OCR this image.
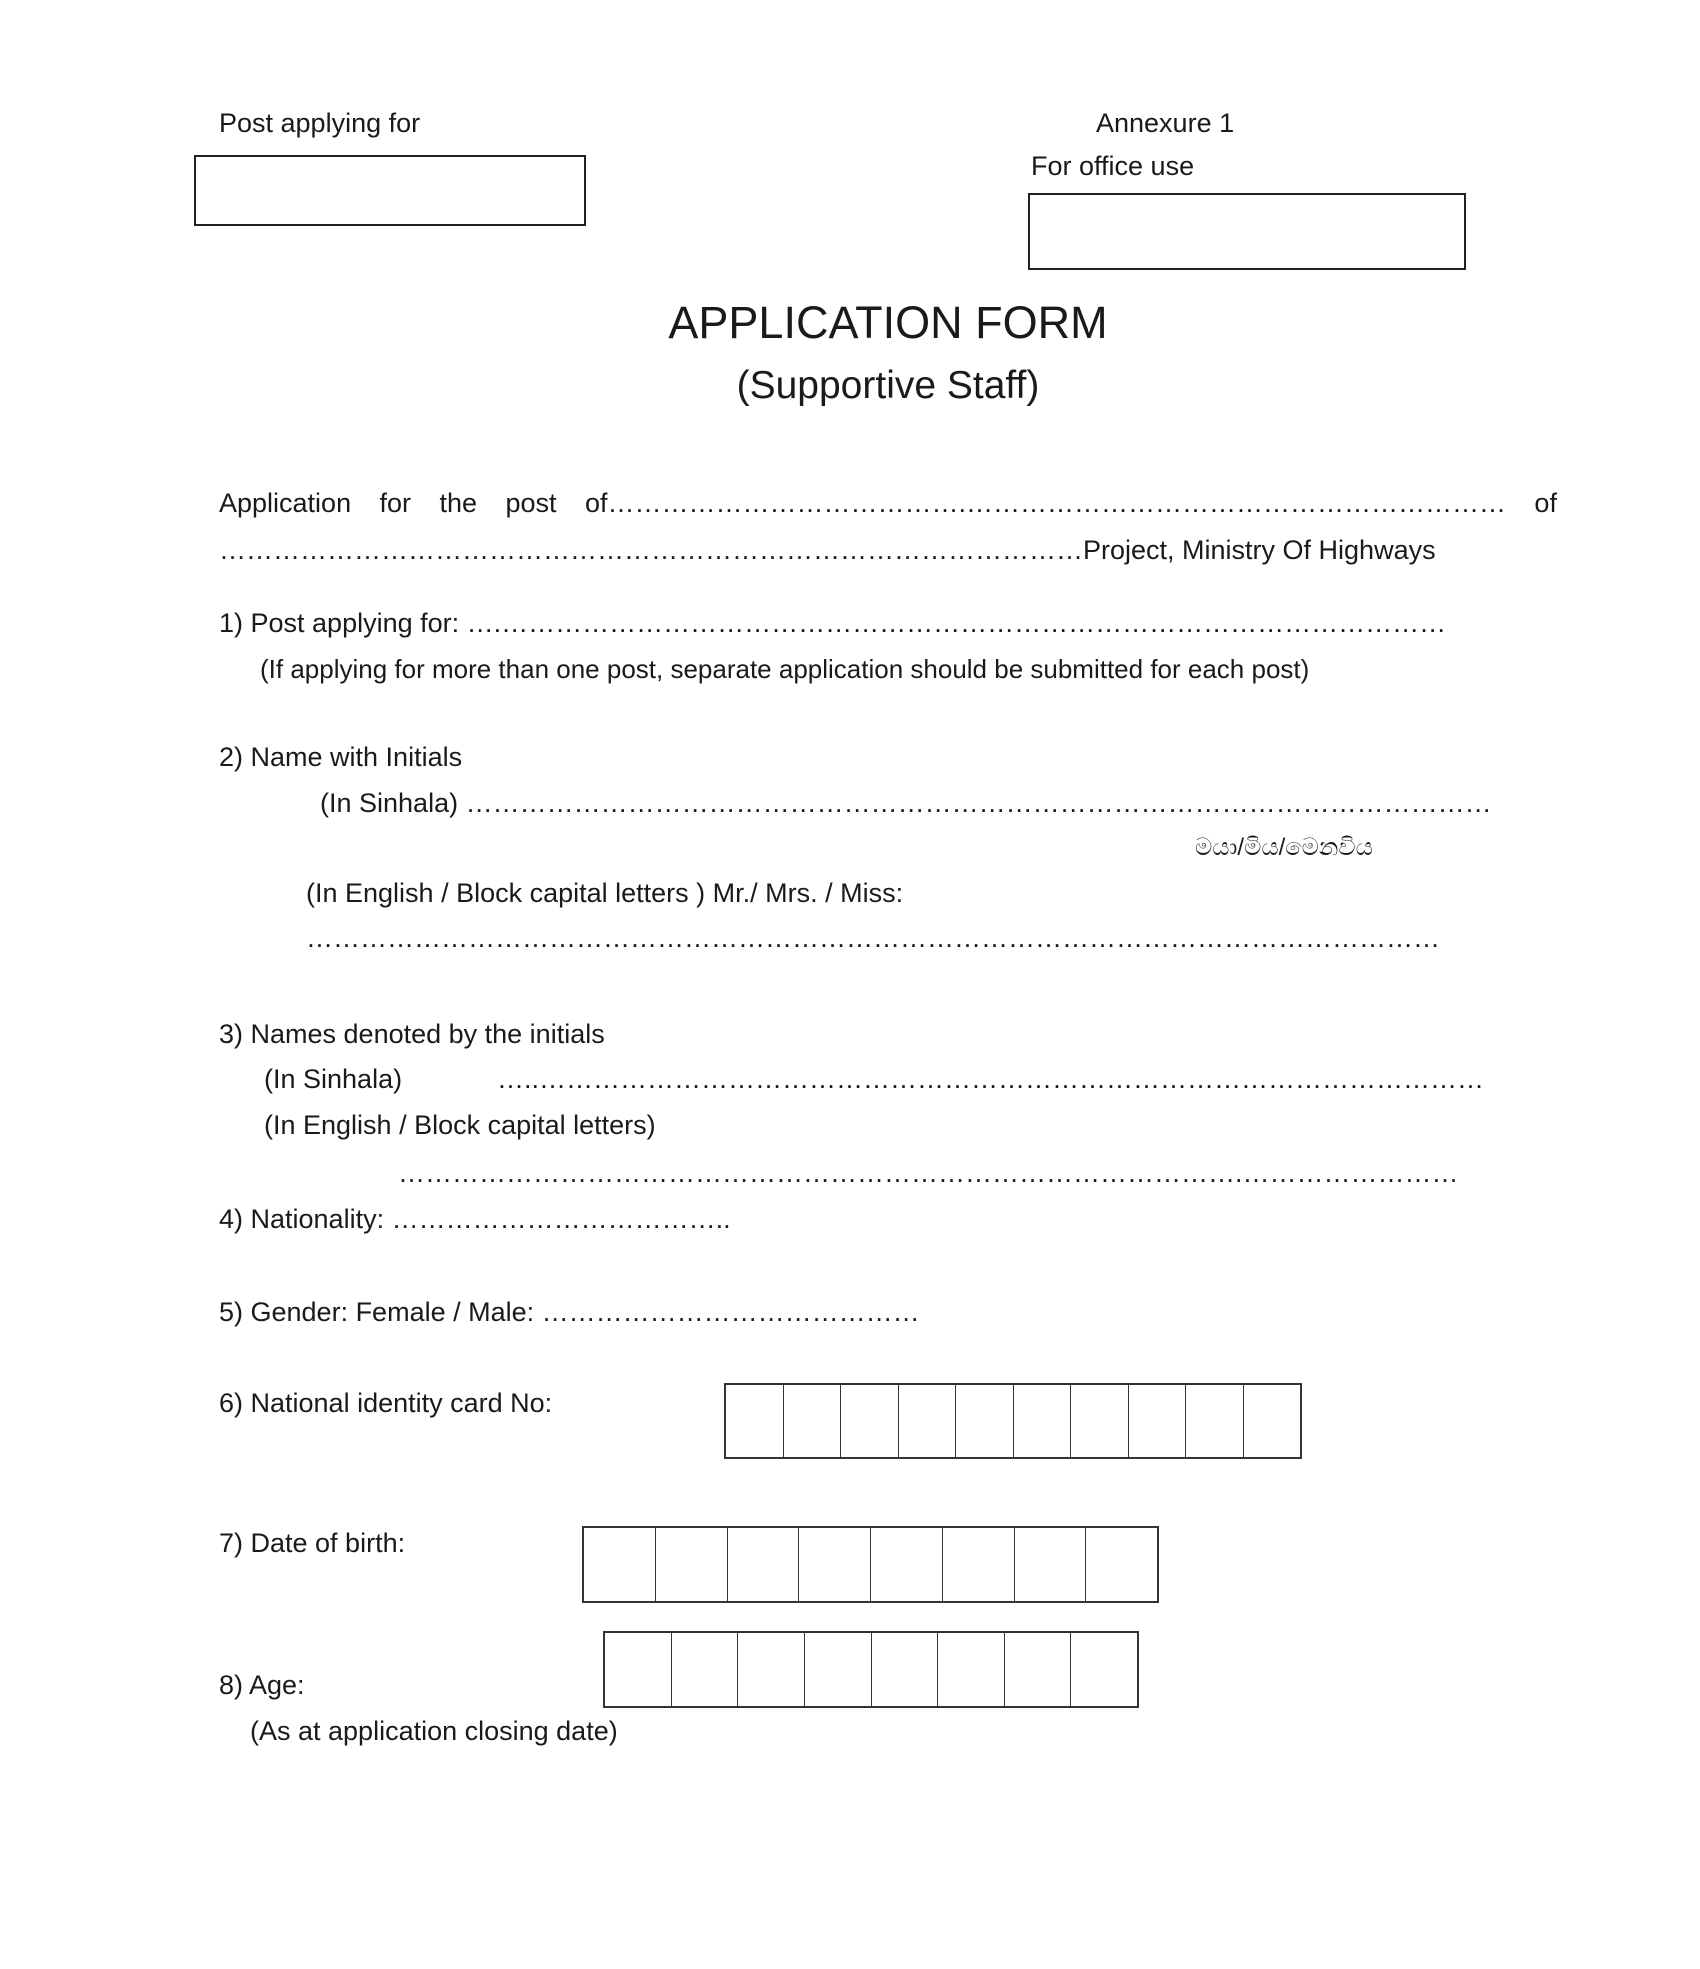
Post applying for	Annexure 1
For office use
APPLICATION FORM
(Supportive Staff)
Application for the post of………………………………….…………………………………………………… of
……………………………………………………………………………………Project, Ministry Of Highways
1) Post applying for: ….……………………………………………………………………………………………
(If applying for more than one post, separate application should be submitted for each post)
2) Name with Initials
(In Sinhala) ……………………………………………………………………………………………………
මයා/මිය/මෙනවිය
(In English / Block capital letters ) Mr./ Mrs. / Miss:
………………………………………………………………………………………………………………
3) Names denoted by the initials
(In Sinhala)	…..……………………………………………………………………………………………
(In English / Block capital letters)
………………………………………………………………………………….……………………
4) Nationality: ………………………………..
5) Gender: Female / Male: ……………………………………
6) National identity card No:
7) Date of birth:
8) Age:
(As at application closing date)
